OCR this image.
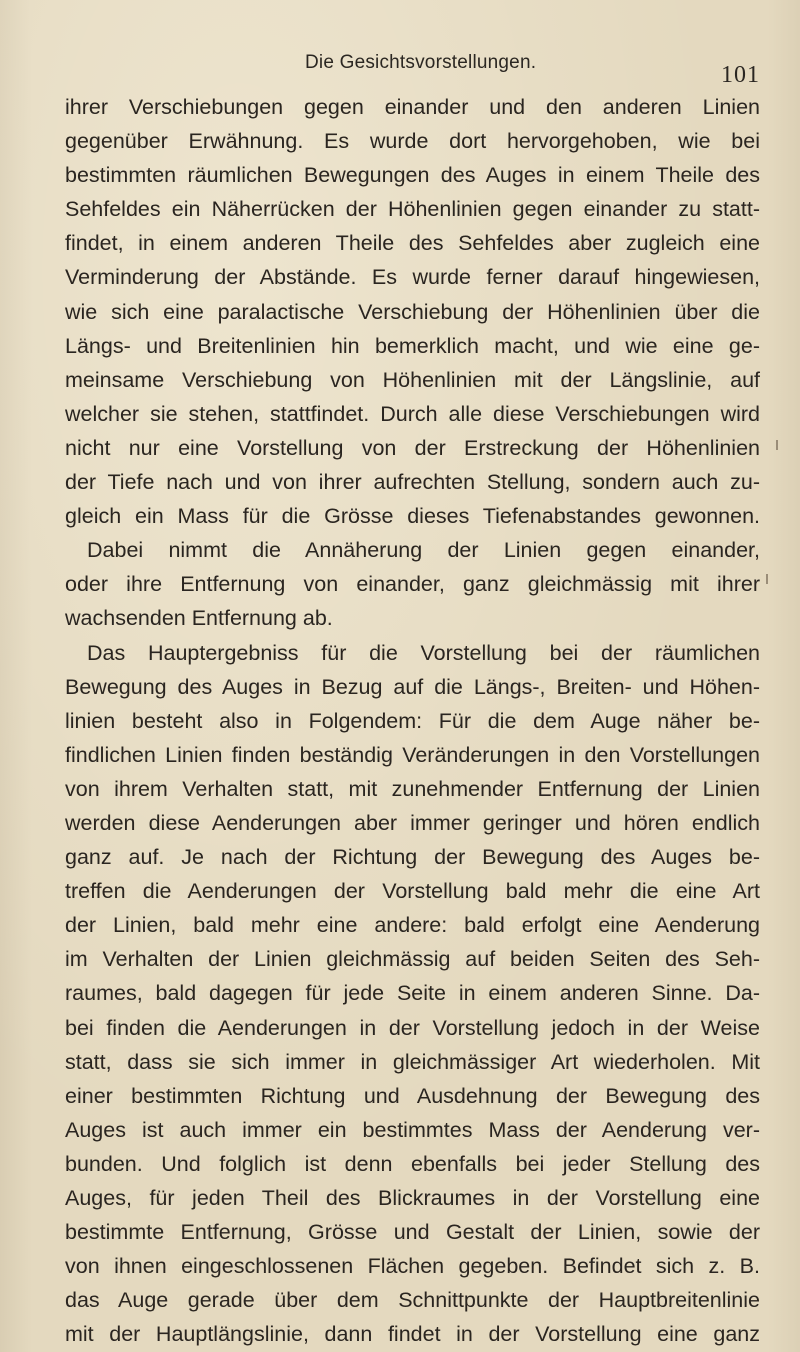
Die Gesichtsvorstellungen.	101
ihrer Verschiebungen gegen einander und den anderen Linien
gegenüber Erwähnung. Es wurde dort hervorgehoben, wie bei
bestimmten räumlichen Bewegungen des Auges in einem Theile des
Sehfeldes ein Näherrücken der Höhenlinien gegen einander zu statt-
findet, in einem anderen Theile des Sehfeldes aber zugleich eine
Verminderung der Abstände. Es wurde ferner darauf hingewiesen,
wie sich eine paralactische Verschiebung der Höhenlinien über die
Längs- und Breitenlinien hin bemerklich macht, und wie eine ge-
meinsame Verschiebung von Höhenlinien mit der Längslinie, auf
welcher sie stehen, stattfindet. Durch alle diese Verschiebungen wird
nicht nur eine Vorstellung von der Erstreckung der Höhenlinien
der Tiefe nach und von ihrer aufrechten Stellung, sondern auch zu-
gleich ein Mass für die Grösse dieses Tiefenabstandes gewonnen.
Dabei nimmt die Annäherung der Linien gegen einander,
oder ihre Entfernung von einander, ganz gleichmässig mit ihrer
wachsenden Entfernung ab.
Das Hauptergebniss für die Vorstellung bei der räumlichen
Bewegung des Auges in Bezug auf die Längs-, Breiten- und Höhen-
linien besteht also in Folgendem: Für die dem Auge näher be-
findlichen Linien finden beständig Veränderungen in den Vorstellungen
von ihrem Verhalten statt, mit zunehmender Entfernung der Linien
werden diese Aenderungen aber immer geringer und hören endlich
ganz auf. Je nach der Richtung der Bewegung des Auges be-
treffen die Aenderungen der Vorstellung bald mehr die eine Art
der Linien, bald mehr eine andere: bald erfolgt eine Aenderung
im Verhalten der Linien gleichmässig auf beiden Seiten des Seh-
raumes, bald dagegen für jede Seite in einem anderen Sinne. Da-
bei finden die Aenderungen in der Vorstellung jedoch in der Weise
statt, dass sie sich immer in gleichmässiger Art wiederholen. Mit
einer bestimmten Richtung und Ausdehnung der Bewegung des
Auges ist auch immer ein bestimmtes Mass der Aenderung ver-
bunden. Und folglich ist denn ebenfalls bei jeder Stellung des
Auges, für jeden Theil des Blickraumes in der Vorstellung eine
bestimmte Entfernung, Grösse und Gestalt der Linien, sowie der
von ihnen eingeschlossenen Flächen gegeben. Befindet sich z. B.
das Auge gerade über dem Schnittpunkte der Hauptbreitenlinie
mit der Hauptlängslinie, dann findet in der Vorstellung eine ganz
